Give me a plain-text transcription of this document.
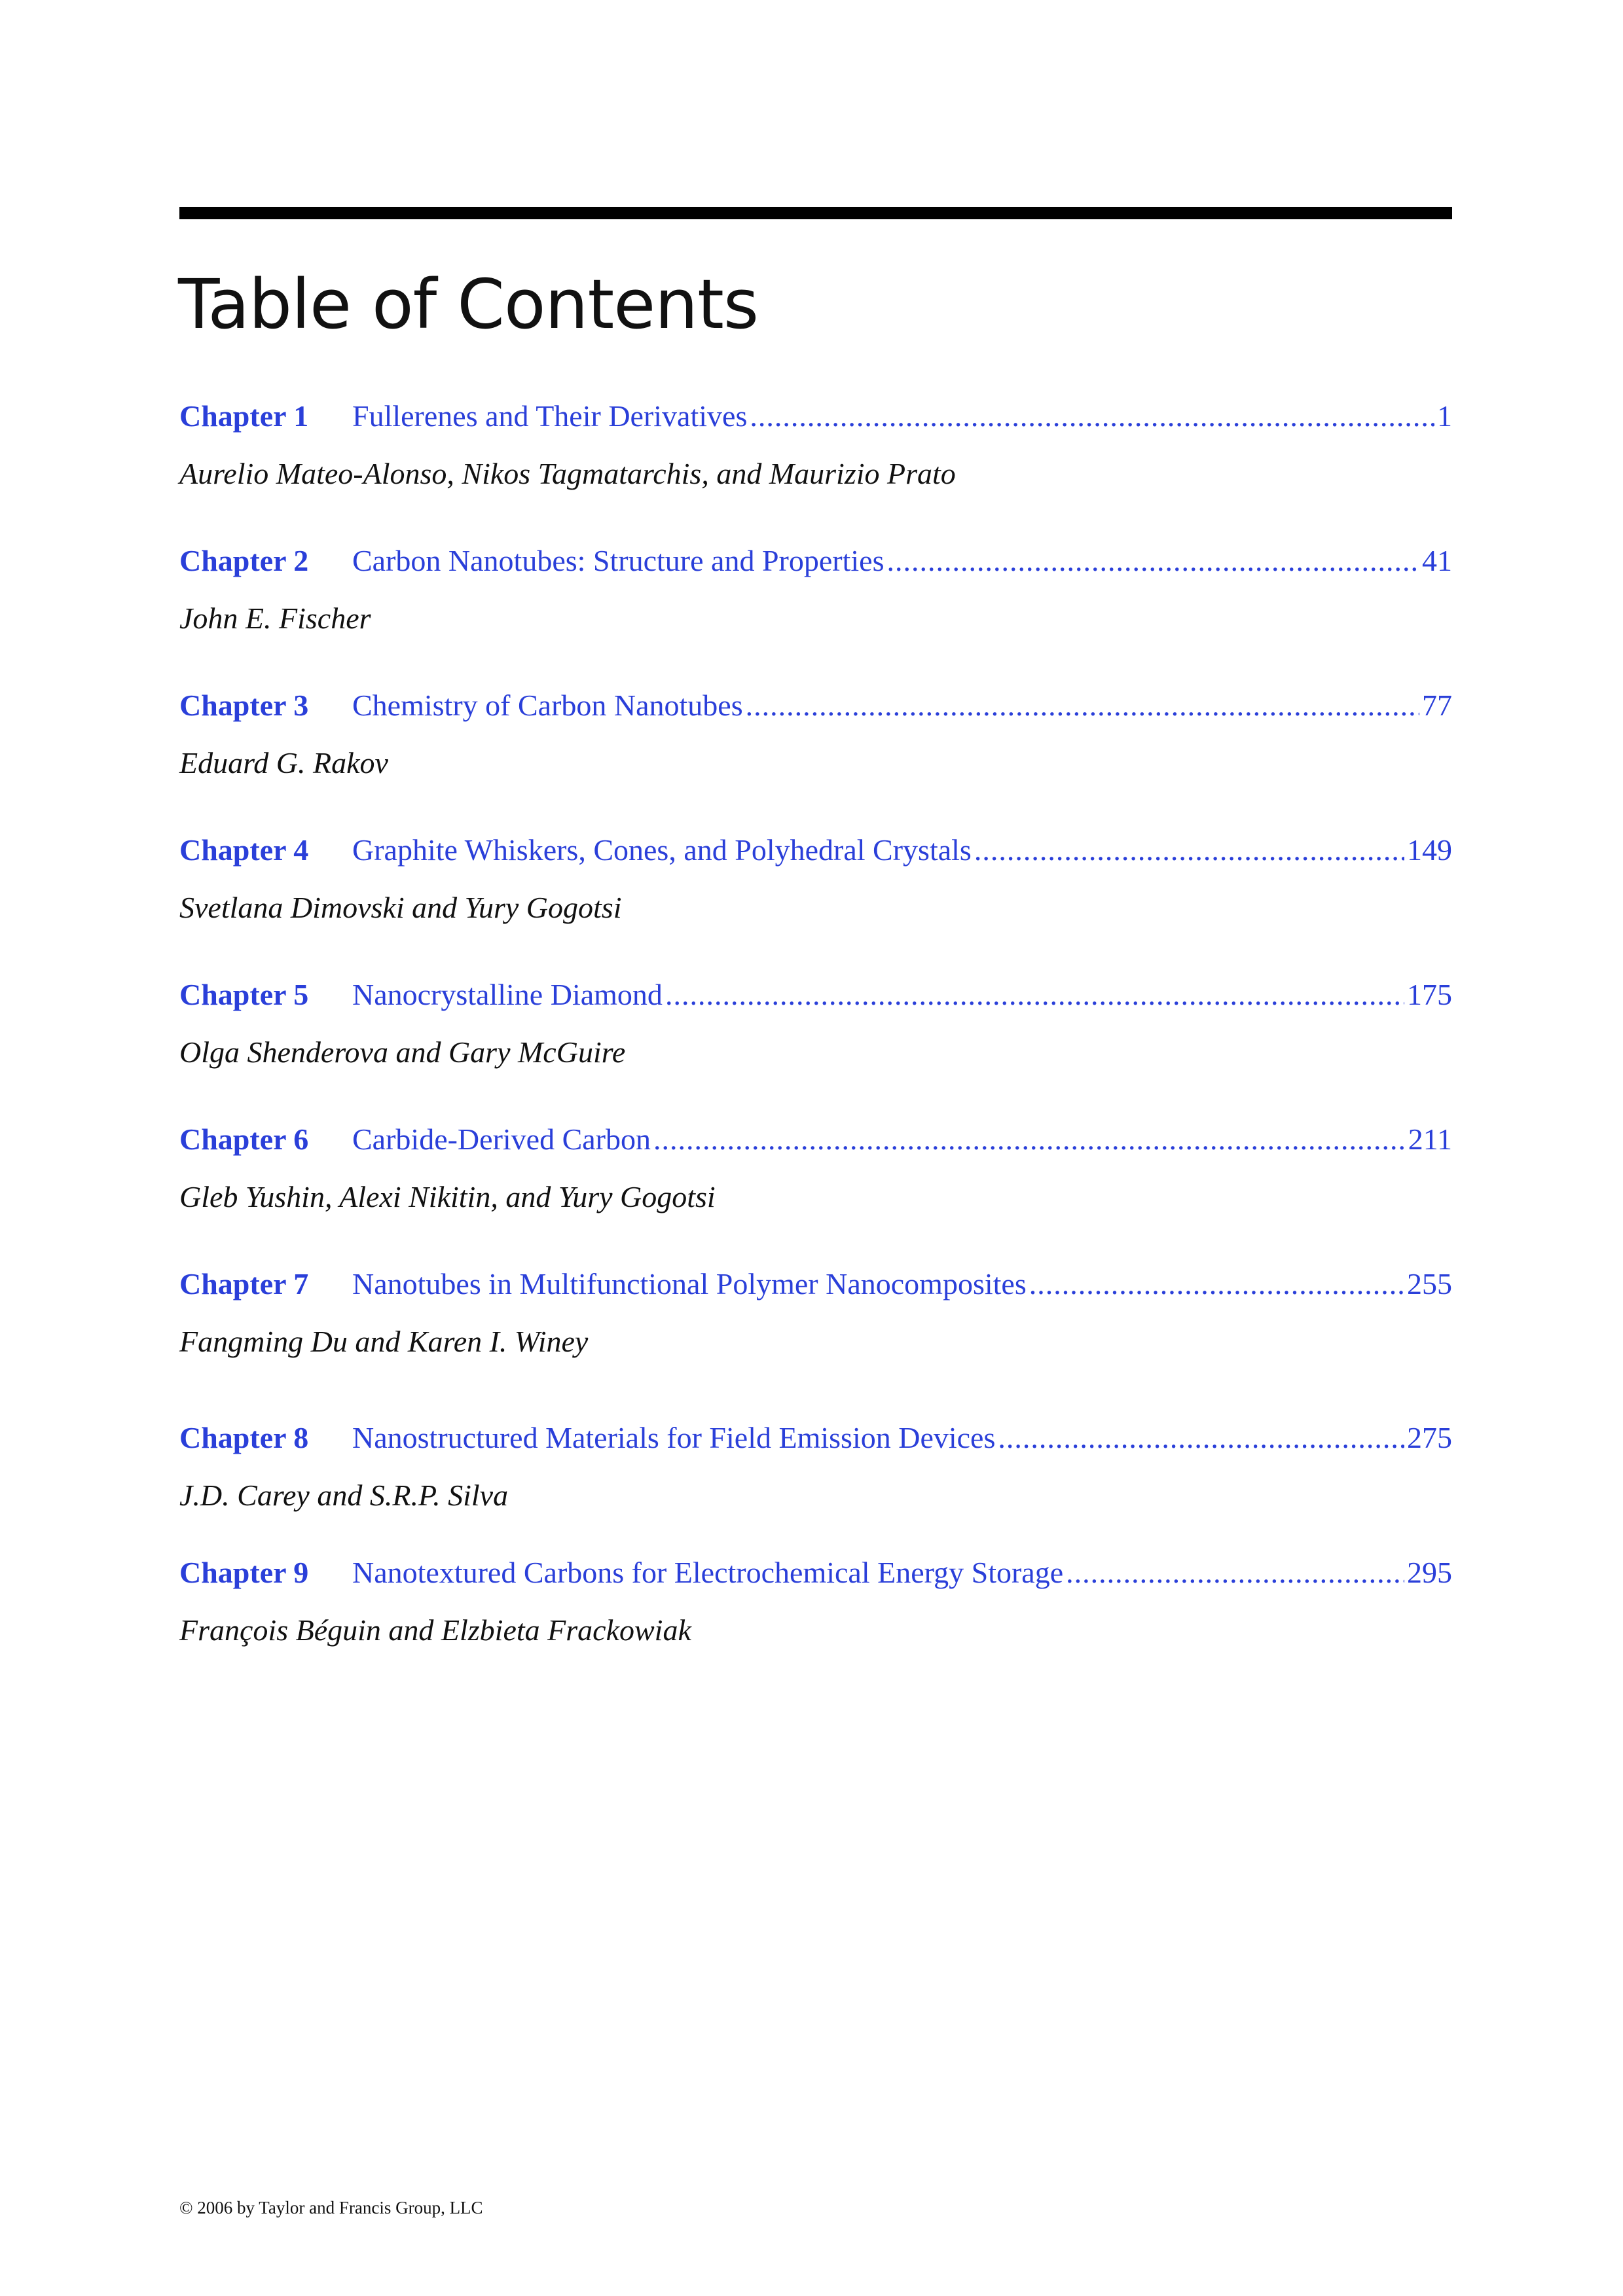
Table of Contents
Chapter 1	Fullerenes and Their Derivatives .....	1
Aurelio Mateo-Alonso, Nikos Tagmatarchis, and Maurizio Prato
Chapter 2	Carbon Nanotubes: Structure and Properties .....	41
John E. Fischer
Chapter 3	Chemistry of Carbon Nanotubes .....	77
Eduard G. Rakov
Chapter 4	Graphite Whiskers, Cones, and Polyhedral Crystals .....	149
Svetlana Dimovski and Yury Gogotsi
Chapter 5	Nanocrystalline Diamond .....	175
Olga Shenderova and Gary McGuire
Chapter 6	Carbide-Derived Carbon .....	211
Gleb Yushin, Alexi Nikitin, and Yury Gogotsi
Chapter 7	Nanotubes in Multifunctional Polymer Nanocomposites .....	255
Fangming Du and Karen I. Winey
Chapter 8	Nanostructured Materials for Field Emission Devices .....	275
J.D. Carey and S.R.P. Silva
Chapter 9	Nanotextured Carbons for Electrochemical Energy Storage .....	295
François Béguin and Elzbieta Frackowiak
© 2006 by Taylor and Francis Group, LLC
